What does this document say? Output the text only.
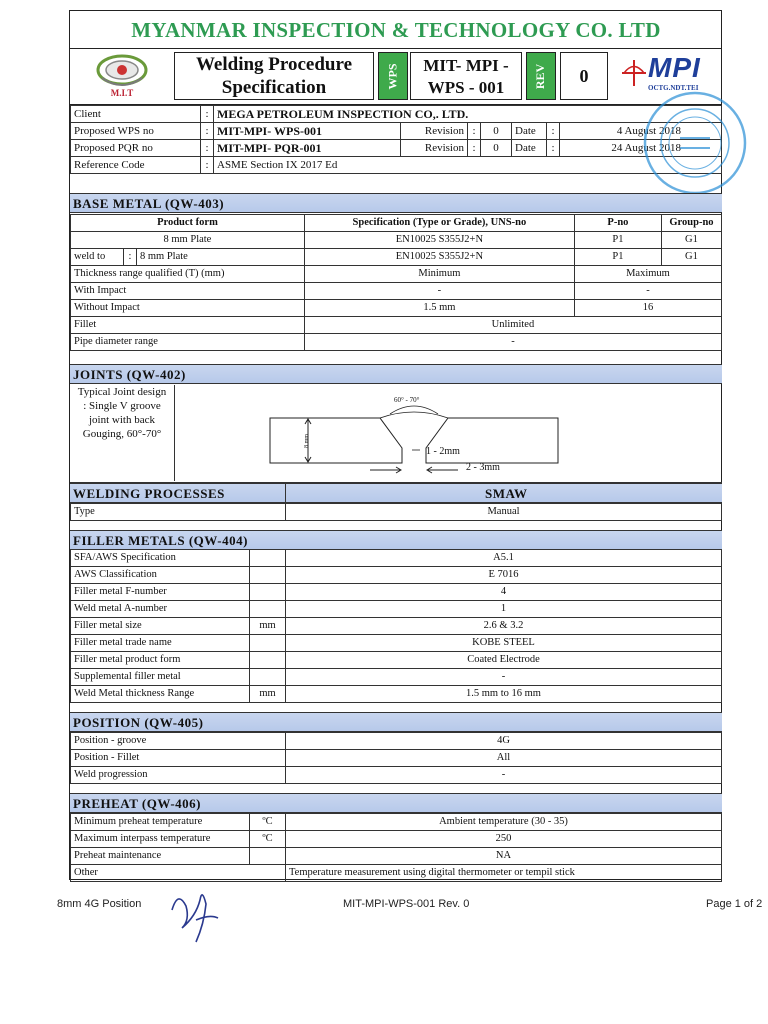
MYANMAR INSPECTION & TECHNOLOGY CO. LTD
M.I.T
Welding Procedure
Specification	WPS	MIT- MPI -
WPS - 001	REV	0	MPI
OCTG.NDT.TEI
Client	:	MEGA PETROLEUM INSPECTION CO,. LTD.						
Proposed WPS no	:	MIT-MPI- WPS-001	Revision	:	0	Date	:	4 August 2018
Proposed PQR no	:	MIT-MPI- PQR-001	Revision	:	0	Date	:	24 August 2018
Reference Code	:	ASME Section IX 2017 Ed						
BASE METAL (QW-403)
Product form			Specification (Type or Grade), UNS-no	P-no	Group-no
8 mm Plate			EN10025 S355J2+N	P1	G1
weld to	:	8 mm Plate	EN10025 S355J2+N	P1	G1
Thickness range qualified (T) (mm)			Minimum	Maximum	
With Impact			-	-	
Without Impact			1.5 mm	16	
Fillet			Unlimited		
Pipe diameter range			-		
JOINTS (QW-402)
Typical Joint design
: Single V groove
joint with back
Gouging, 60°-70°
60° - 70°
8 mm
1 - 2mm
2 - 3mm
WELDING PROCESSES	SMAW
Type	Manual
FILLER METALS (QW-404)
SFA/AWS Specification		A5.1
AWS Classification		E 7016
Filler metal F-number		4
Weld metal A-number		1
Filler metal size	mm	2.6 & 3.2
Filler metal trade name		KOBE STEEL
Filler metal product form		Coated Electrode
Supplemental filler metal		-
Weld Metal thickness Range	mm	1.5 mm to 16 mm
POSITION (QW-405)
Position - groove	4G
Position - Fillet	All
Weld progression	-
PREHEAT (QW-406)
Minimum preheat temperature	ºC	Ambient temperature (30 - 35)
Maximum interpass temperature	ºC	250
Preheat maintenance		NA
Other		Temperature measurement using digital thermometer or tempil stick
8mm 4G Position	MIT-MPI-WPS-001 Rev. 0	Page 1 of 2
